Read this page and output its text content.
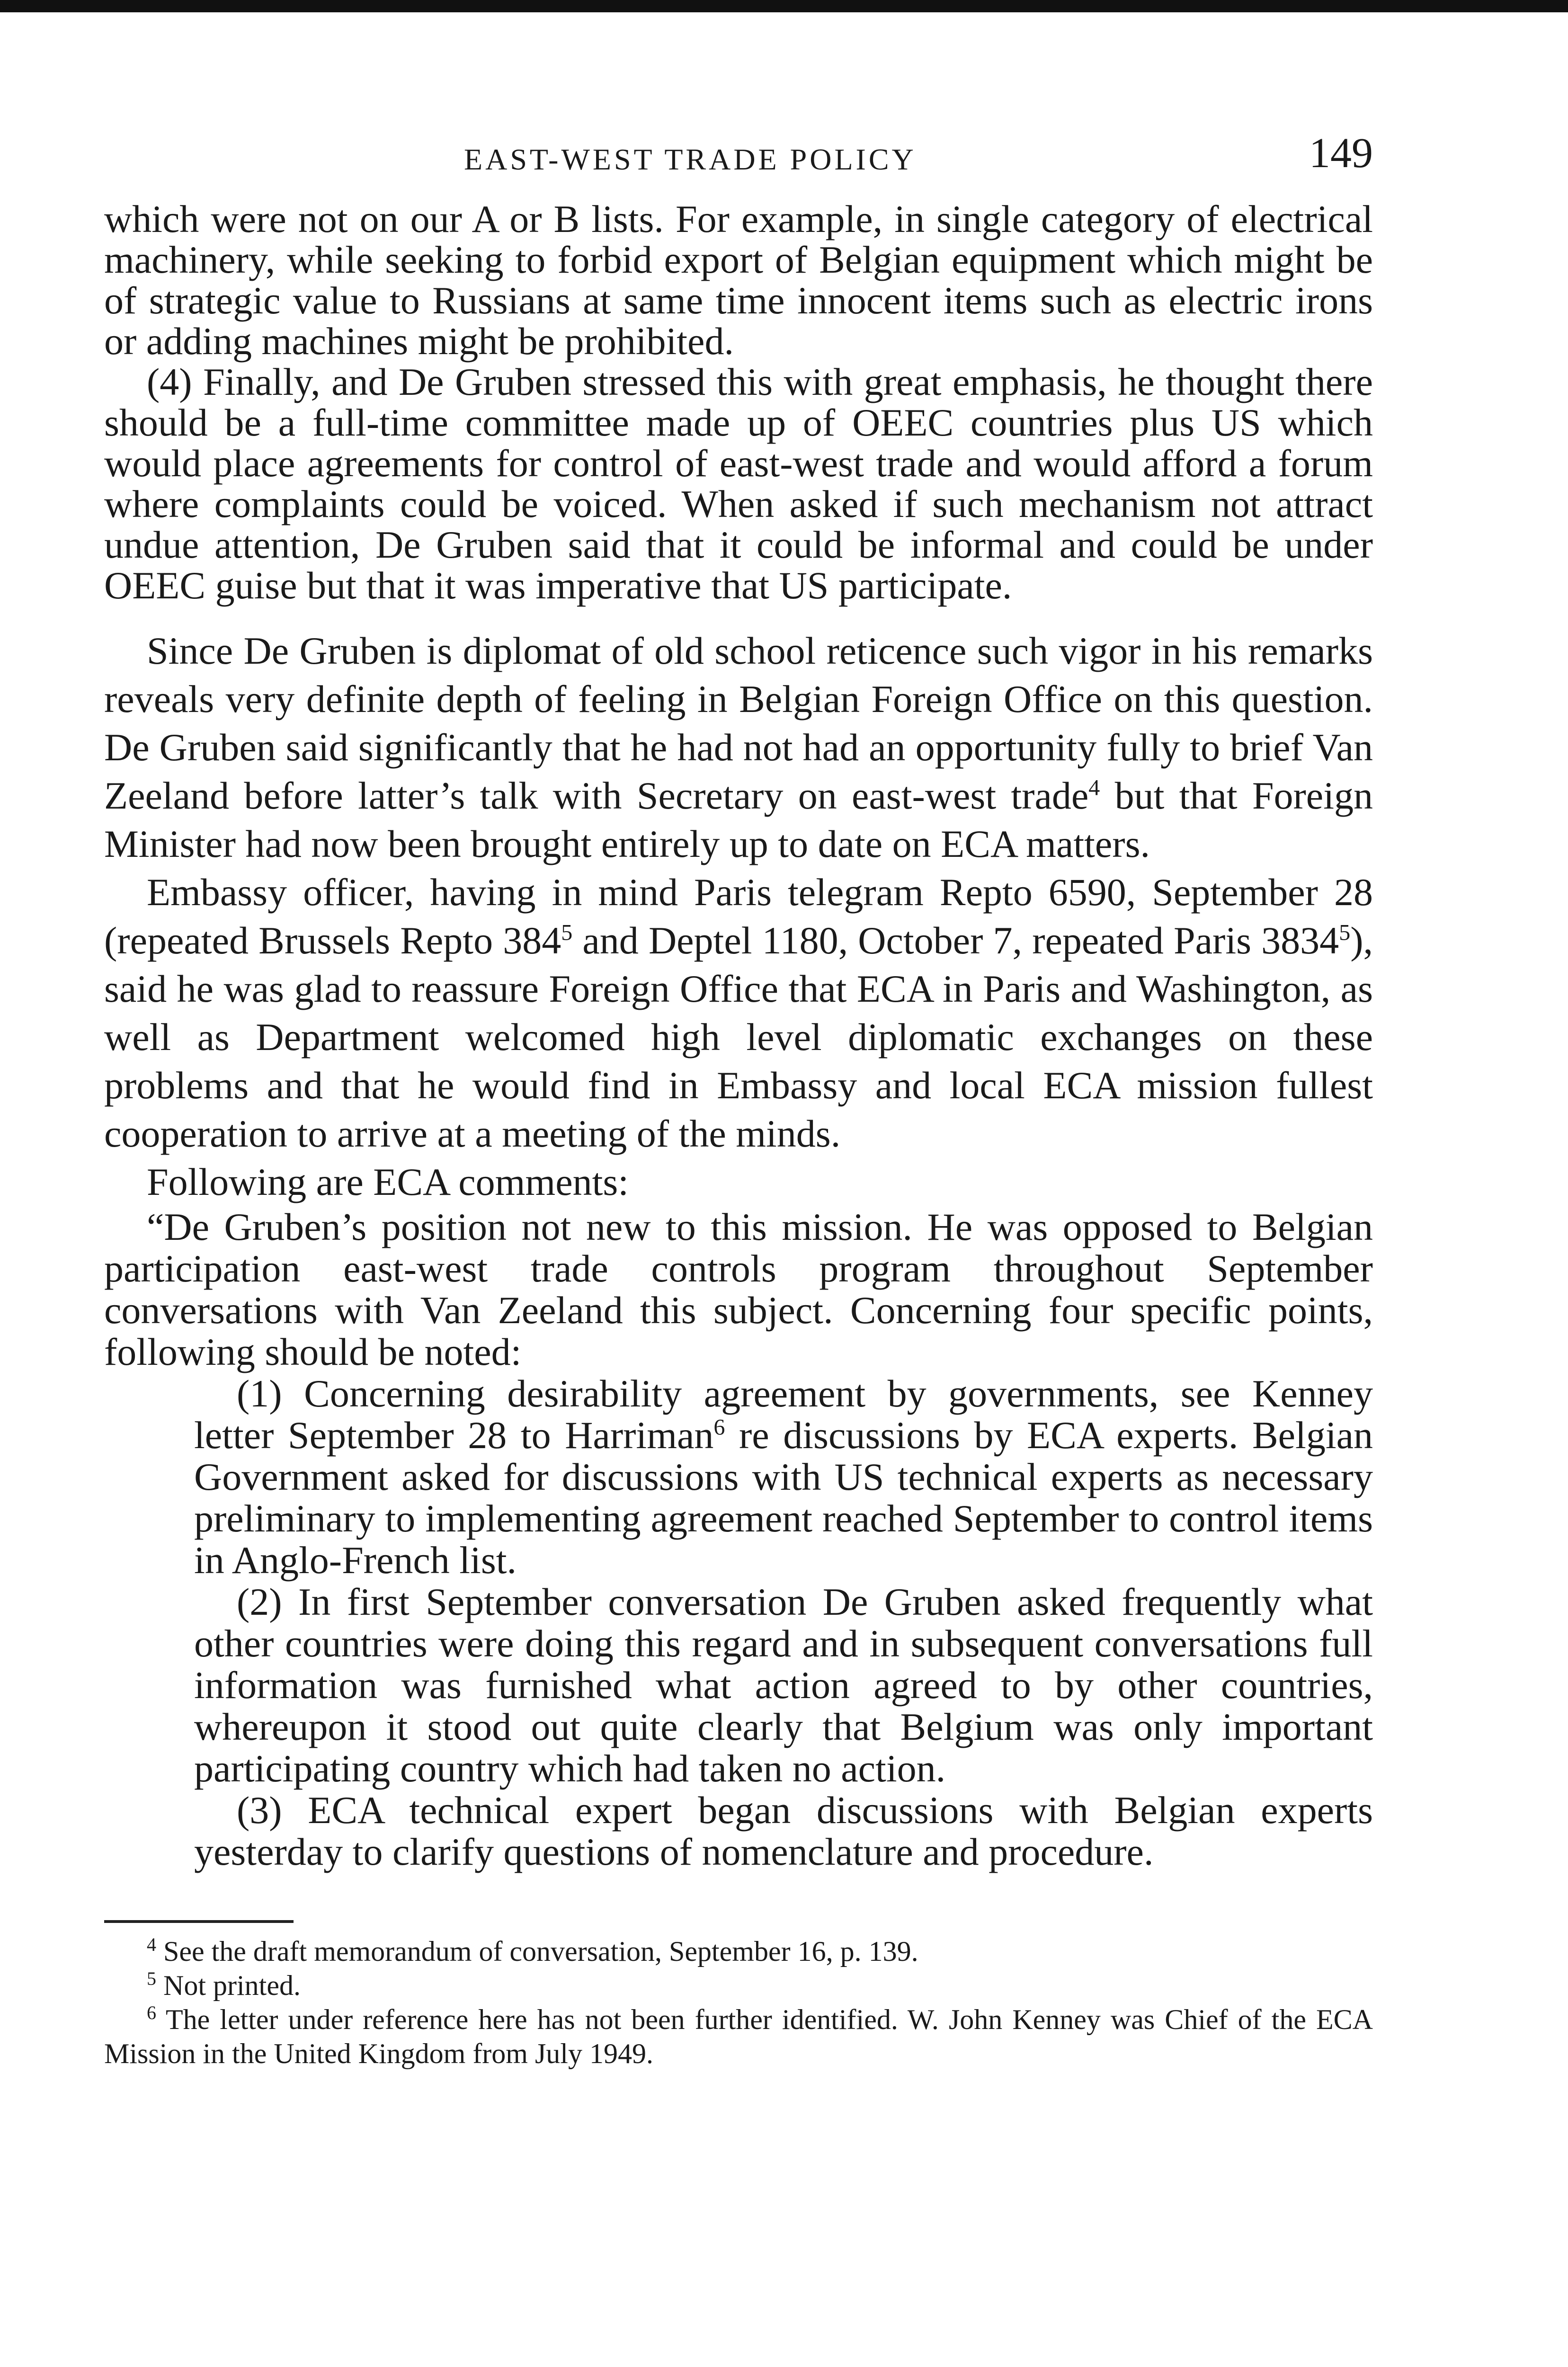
EAST-WEST TRADE POLICY	149

which were not on our A or B lists. For example, in single category of electrical machinery, while seeking to forbid export of Belgian equipment which might be of strategic value to Russians at same time innocent items such as electric irons or adding machines might be prohibited.

(4) Finally, and De Gruben stressed this with great emphasis, he thought there should be a full-time committee made up of OEEC countries plus US which would place agreements for control of east-west trade and would afford a forum where complaints could be voiced. When asked if such mechanism not attract undue attention, De Gruben said that it could be informal and could be under OEEC guise but that it was imperative that US participate.

Since De Gruben is diplomat of old school reticence such vigor in his remarks reveals very definite depth of feeling in Belgian Foreign Office on this question. De Gruben said significantly that he had not had an opportunity fully to brief Van Zeeland before latter’s talk with Secretary on east-west trade$^4$ but that Foreign Minister had now been brought entirely up to date on ECA matters.

Embassy officer, having in mind Paris telegram Repto 6590, September 28 (repeated Brussels Repto $384^5$ and Deptel 1180, October 7, repeated Paris 3834$^5$), said he was glad to reassure Foreign Office that ECA in Paris and Washington, as well as Department welcomed high level diplomatic exchanges on these problems and that he would find in Embassy and local ECA mission fullest cooperation to arrive at a meeting of the minds.

Following are ECA comments:

“De Gruben’s position not new to this mission. He was opposed to Belgian participation east-west trade controls program throughout September conversations with Van Zeeland this subject. Concerning four specific points, following should be noted:

(1) Concerning desirability agreement by governments, see Kenney letter September 28 to Harriman$^6$ re discussions by ECA experts. Belgian Government asked for discussions with US technical experts as necessary preliminary to implementing agreement reached September to control items in Anglo-French list.

(2) In first September conversation De Gruben asked frequently what other countries were doing this regard and in subsequent conversations full information was furnished what action agreed to by other countries, whereupon it stood out quite clearly that Belgium was only important participating country which had taken no action.

(3) ECA technical expert began discussions with Belgian experts yesterday to clarify questions of nomenclature and procedure.

$^4$ See the draft memorandum of conversation, September 16, p. 139.

$^5$ Not printed.

$^6$ The letter under reference here has not been further identified. W. John Kenney was Chief of the ECA Mission in the United Kingdom from July 1949.
